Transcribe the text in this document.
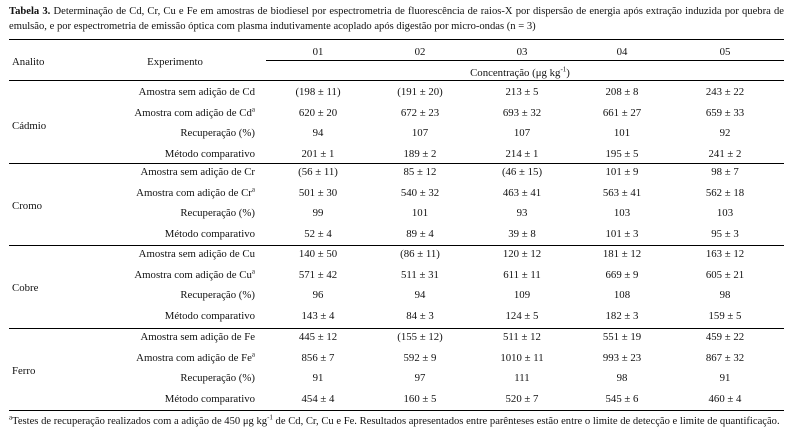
Tabela 3. Determinação de Cd, Cr, Cu e Fe em amostras de biodiesel por espectrometria de fluorescência de raios-X por dispersão de energia após extração induzida por quebra de emulsão, e por espectrometria de emissão óptica com plasma indutivamente acoplado após digestão por micro-ondas (n = 3)
Analito	Experimento
01	02	03	04	05
Concentração (μg $kg^{-1}$)
Cádmio
Amostra sem adição de Cd	(198 ± 11)	(191 ± 20)	213 ± 5	208 ± 8	243 ± 22
Amostra com adição de Cd$^a$	620 ± 20	672 ± 23	693 ± 32	661 ± 27	659 ± 33
Recuperação (%)	94	107	107	101	92
Método comparativo	201 ± 1	189 ± 2	214 ± 1	195 ± 5	241 ± 2
Cromo
Amostra sem adição de Cr	(56 ± 11)	85 ± 12	(46 ± 15)	101 ± 9	98 ± 7
Amostra com adição de Cr$^a$	501 ± 30	540 ± 32	463 ± 41	563 ± 41	562 ± 18
Recuperação (%)	99	101	93	103	103
Método comparativo	52 ± 4	89 ± 4	39 ± 8	101 ± 3	95 ± 3
Cobre
Amostra sem adição de Cu	140 ± 50	(86 ± 11)	120 ± 12	181 ± 12	163 ± 12
Amostra com adição de Cu$^a$	571 ± 42	511 ± 31	611 ± 11	669 ± 9	605 ± 21
Recuperação (%)	96	94	109	108	98
Método comparativo	143 ± 4	84 ± 3	124 ± 5	182 ± 3	159 ± 5
Ferro
Amostra sem adição de Fe	445 ± 12	(155 ± 12)	511 ± 12	551 ± 19	459 ± 22
Amostra com adição de Fe$^a$	856 ± 7	592 ± 9	1010 ± 11	993 ± 23	867 ± 32
Recuperação (%)	91	97	111	98	91
Método comparativo	454 ± 4	160 ± 5	520 ± 7	545 ± 6	460 ± 4
$^a$Testes de recuperação realizados com a adição de 450 μg $kg^{-1}$ de Cd, Cr, Cu e Fe. Resultados apresentados entre parênteses estão entre o limite de detecção e limite de quantificação.
